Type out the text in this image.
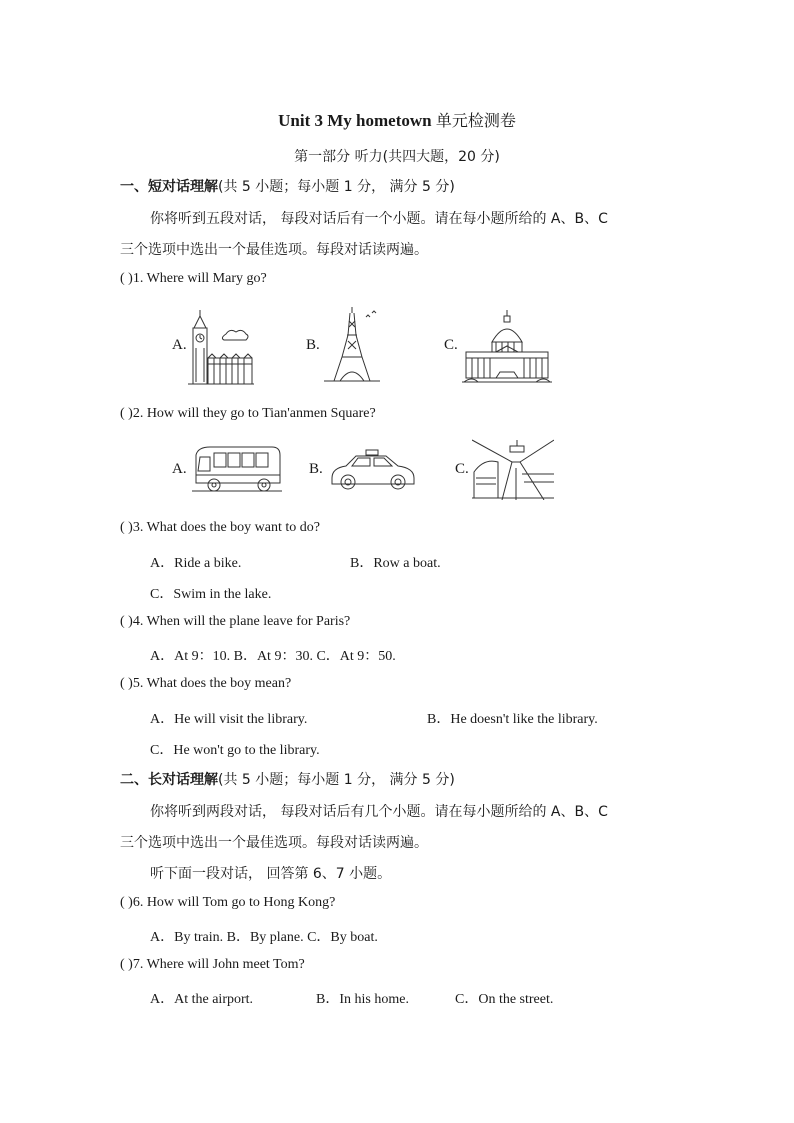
Unit 3 My hometown 单元检测卷
第一部分 听力(共四大题，20 分)
一、短对话理解(共 5 小题；每小题 1 分， 满分 5 分)
你将听到五段对话， 每段对话后有一个小题。请在每小题所给的 A、B、C
三个选项中选出一个最佳选项。每段对话读两遍。
( )1. Where will Mary go?
A.	B.	C.
( )2. How will they go to Tian'anmen Square?
A.	B.	C.
( )3. What does the boy want to do?
A．Ride a bike.	B．Row a boat.
C．Swim in the lake.
( )4. When will the plane leave for Paris?
A．At 9：10. B．At 9：30. C．At 9：50.
( )5. What does the boy mean?
A．He will visit the library.	B．He doesn't like the library.
C．He won't go to the library.
二、长对话理解(共 5 小题；每小题 1 分， 满分 5 分)
你将听到两段对话， 每段对话后有几个小题。请在每小题所给的 A、B、C
三个选项中选出一个最佳选项。每段对话读两遍。
听下面一段对话， 回答第 6、7 小题。
( )6. How will Tom go to Hong Kong?
A．By train. B．By plane. C．By boat.
( )7. Where will John meet Tom?
A．At the airport.	B．In his home.	C．On the street.
